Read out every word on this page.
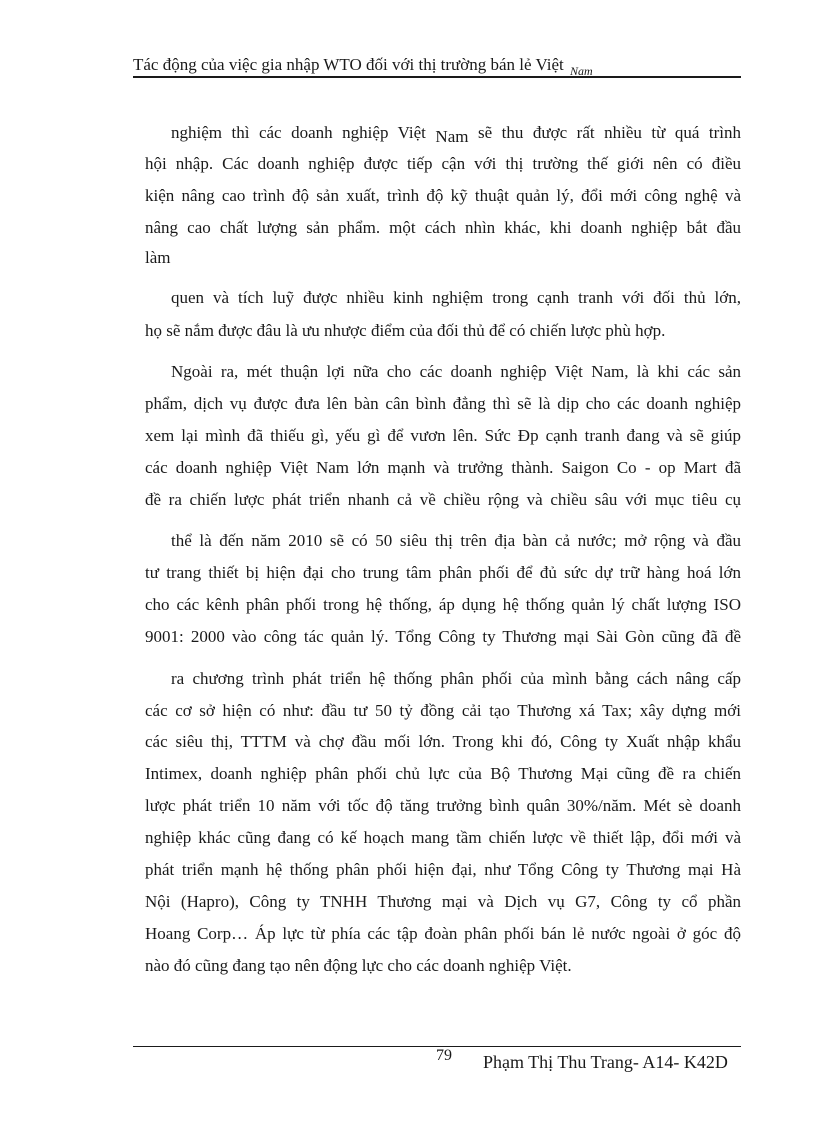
Tác động của việc gia nhập WTO đối với thị trường bán lẻ Việt $_{Nam}$
nghiệm thì các doanh nghiệp Việt Nam sẽ thu được rất nhiều từ quá trình
hội nhập. Các doanh nghiệp được tiếp cận với thị trường thế giới nên có điều
kiện nâng cao trình độ sản xuất, trình độ kỹ thuật quản lý, đổi mới công nghệ và
nâng cao chất lượng sản phẩm. một cách nhìn khác, khi doanh nghiệp bắt đầu
làm
quen và tích luỹ được nhiều kinh nghiệm trong cạnh tranh với đối thủ lớn,
họ sẽ nắm được đâu là ưu nhược điểm của đối thủ để có chiến lược phù hợp.
Ngoài ra, mét thuận lợi nữa cho các doanh nghiệp Việt Nam, là khi các sản
phẩm, dịch vụ được đưa lên bàn cân bình đẳng thì sẽ là dịp cho các doanh nghiệp
xem lại mình đã thiếu gì, yếu gì để vươn lên. Sức Ðp cạnh tranh đang và sẽ giúp
các doanh nghiệp Việt Nam lớn mạnh và trưởng thành. Saigon Co - op Mart đã
đề ra chiến lược phát triển nhanh cả về chiều rộng và chiều sâu với mục tiêu cụ
thể là đến năm 2010 sẽ có 50 siêu thị trên địa bàn cả nước; mở rộng và đầu
tư trang thiết bị hiện đại cho trung tâm phân phối để đủ sức dự trữ hàng hoá lớn
cho các kênh phân phối trong hệ thống, áp dụng hệ thống quản lý chất lượng ISO
9001: 2000 vào công tác quản lý. Tổng Công ty Thương mại Sài Gòn cũng đã đề
ra chương trình phát triển hệ thống phân phối của mình bằng cách nâng cấp
các cơ sở hiện có như: đầu tư 50 tỷ đồng cải tạo Thương xá Tax; xây dựng mới
các siêu thị, TTTM và chợ đầu mối lớn. Trong khi đó, Công ty Xuất nhập khẩu
Intimex, doanh nghiệp phân phối chủ lực của Bộ Thương Mại cũng đề ra chiến
lược phát triển 10 năm với tốc độ tăng trưởng bình quân 30%/năm. Mét sè doanh
nghiệp khác cũng đang có kế hoạch mang tầm chiến lược về thiết lập, đổi mới và
phát triển mạnh hệ thống phân phối hiện đại, như Tổng Công ty Thương mại Hà
Nội (Hapro), Công ty TNHH Thương mại và Dịch vụ G7, Công ty cổ phần
Hoang Corp… Áp lực từ phía các tập đoàn phân phối bán lẻ nước ngoài ở góc độ
nào đó cũng đang tạo nên động lực cho các doanh nghiệp Việt.
79 Phạm Thị Thu Trang- A14- K42D
